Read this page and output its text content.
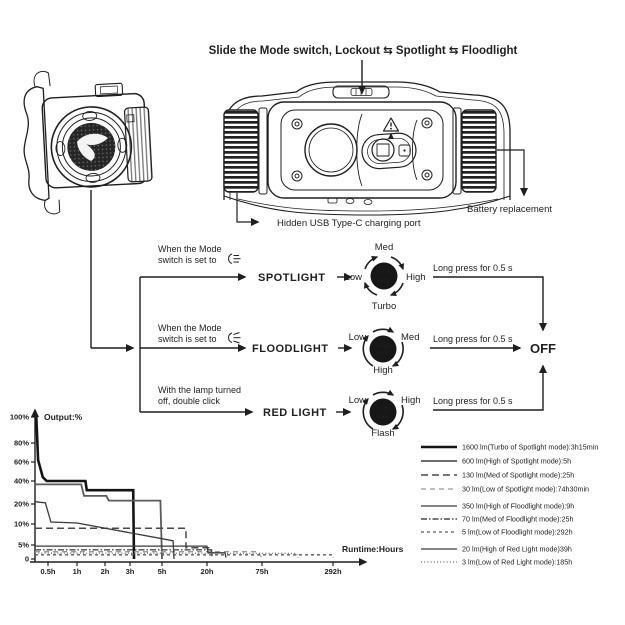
Slide the Mode switch, Lockout ⇆ Spotlight ⇆ Floodlight
Hidden USB Type-C charging port
Battery replacement
When the Mode
switch is set to
SPOTLIGHT	Single
click
Med
Low	High
Turbo
Long press for 0.5 s
When the Mode
switch is set to
FLOODLIGHT	Single
click
Low	Med
High
Long press for 0.5 s
OFF
With the lamp turned
off, double click
RED LIGHT	Single
click
Low	High
Flash
Long press for 0.5 s
Output:%
Runtime:Hours
100%
80%
60%
40%
20%
10%
5%
0
0.5h 1h	2h 3h	5h	20h	75h	292h
1600 lm(Turbo of Spotlight mode):3h15min
600 lm(High of Spotlight mode):5h
130 lm(Med of Spotlight mode):25h
30 lm(Low of Spotlight mode):74h30min
350 lm(High of Floodlight mode):9h
70 lm(Med of Floodlight mode):25h
5 lm(Low of Floodlight mode):292h
20 lm(High of Red Light mode)39h
3 lm(Low of Red Light mode):185h
